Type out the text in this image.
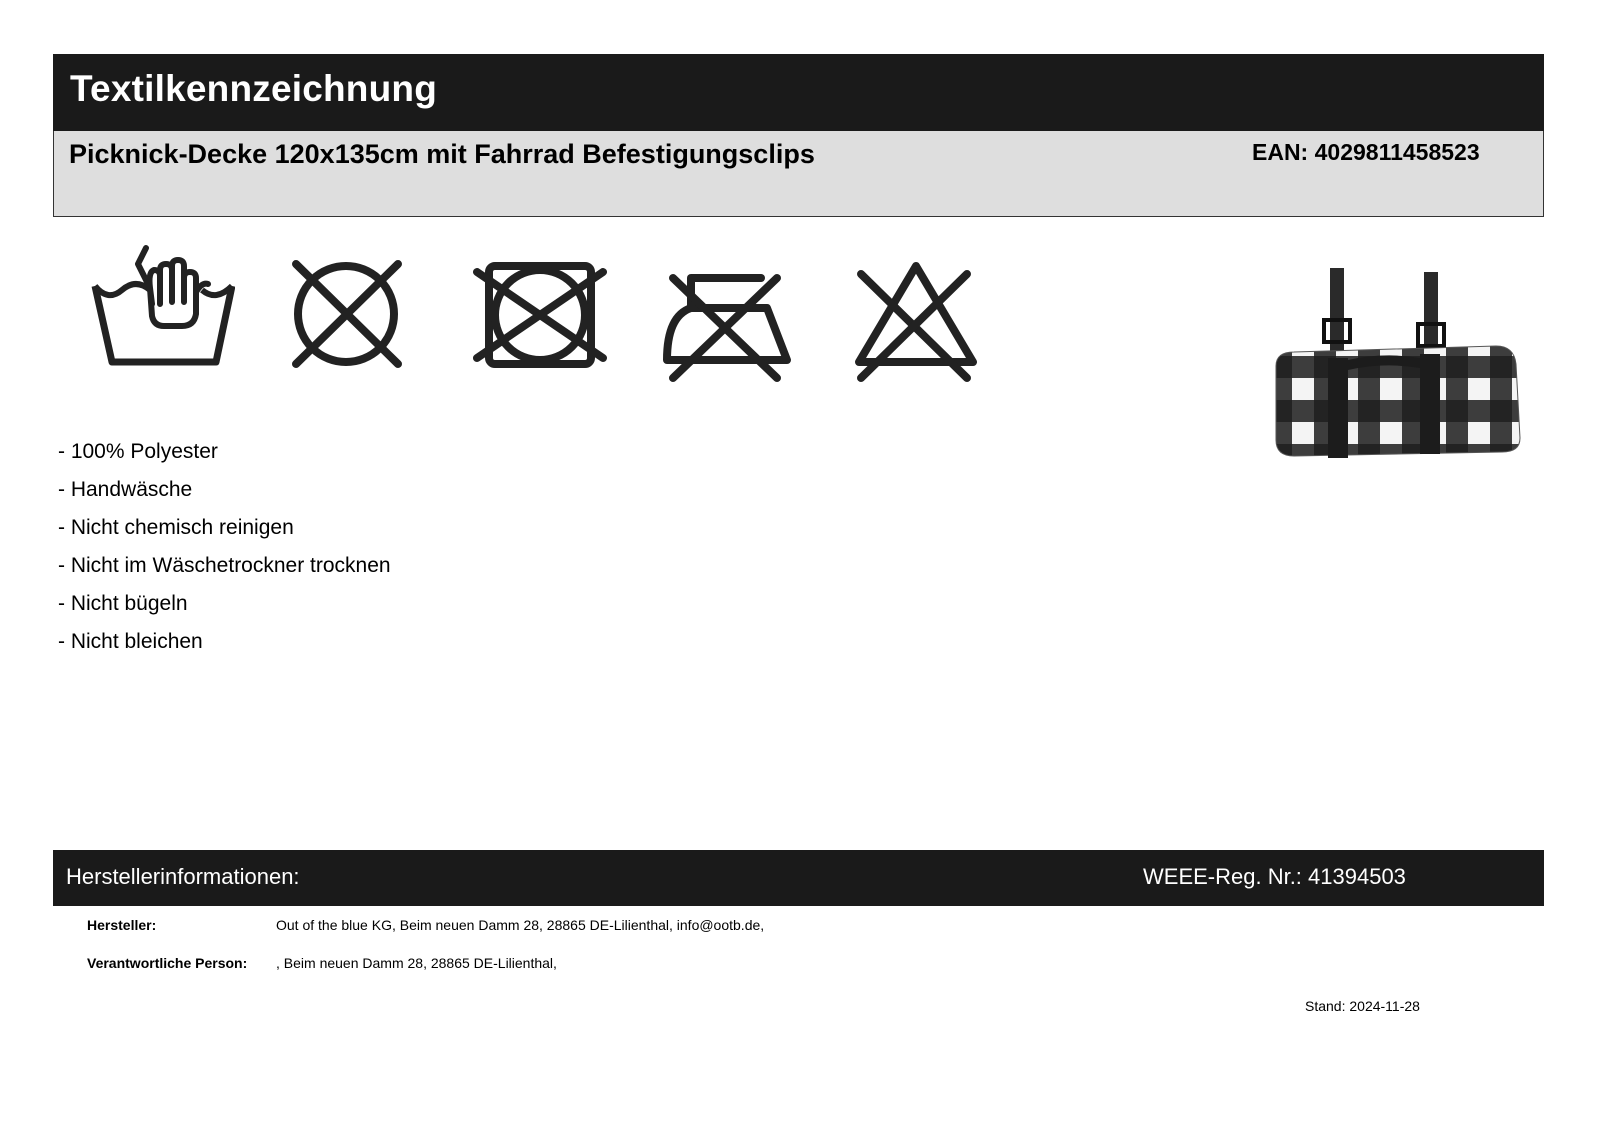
Textilkennzeichnung
Picknick-Decke 120x135cm mit Fahrrad Befestigungsclips	EAN: 4029811458523
- 100% Polyester
- Handwäsche
- Nicht chemisch reinigen
- Nicht im Wäschetrockner trocknen
- Nicht bügeln
- Nicht bleichen
Herstellerinformationen:	WEEE-Reg. Nr.: 41394503
Hersteller:	Out of the blue KG, Beim neuen Damm 28, 28865 DE-Lilienthal, info@ootb.de,
Verantwortliche Person: , Beim neuen Damm 28, 28865 DE-Lilienthal,
Stand: 2024-11-28
